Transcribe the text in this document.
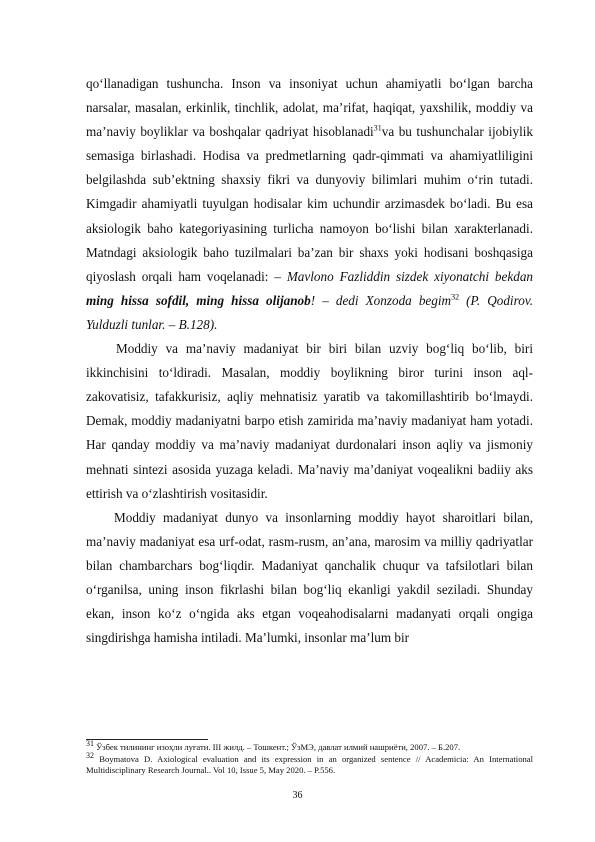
qo‘llanadigan tushuncha. Inson va insoniyat uchun ahamiyatli bo‘lgan barcha narsalar, masalan, erkinlik, tinchlik, adolat, ma’rifat, haqiqat, yaxshilik, moddiy va ma’naviy boyliklar va boshqalar qadriyat hisoblanadi$^{31}$va bu tushunchalar ijobiylik semasiga birlashadi. Hodisa va predmetlarning qadr-qimmati va ahamiyatliligini belgilashda sub’ektning shaxsiy fikri va dunyoviy bilimlari muhim o‘rin tutadi. Kimgadir ahamiyatli tuyulgan hodisalar kim uchundir arzimasdek bo‘ladi. Bu esa aksiologik baho kategoriyasining turlicha namoyon bo‘lishi bilan xarakterlanadi. Matndagi aksiologik baho tuzilmalari ba’zan bir shaxs yoki hodisani boshqasiga qiyoslash orqali ham voqelanadi: – Mavlono Fazliddin sizdek xiyonatchi bekdan ming hissa sofdil, ming hissa olijanob! – dedi Xonzoda begim$^{32}$ (P. Qodirov. Yulduzli tunlar. – B.128).

Moddiy va ma’naviy madaniyat bir biri bilan uzviy bog‘liq bo‘lib, biri ikkinchisini to‘ldiradi. Masalan, moddiy boylikning biror turini inson aql-zakovatisiz, tafakkurisiz, aqliy mehnatisiz yaratib va takomillashtirib bo‘lmaydi. Demak, moddiy madaniyatni barpo etish zamirida ma’naviy madaniyat ham yotadi. Har qanday moddiy va ma’naviy madaniyat durdonalari inson aqliy va jismoniy mehnati sintezi asosida yuzaga keladi. Ma’naviy ma’daniyat voqealikni badiiy aks ettirish va o‘zlashtirish vositasidir.

Moddiy madaniyat dunyo va insonlarning moddiy hayot sharoitlari bilan, ma’naviy madaniyat esa urf-odat, rasm-rusm, an’ana, marosim va milliy qadriyatlar bilan chambarchars bog‘liqdir. Madaniyat qanchalik chuqur va tafsilotlari bilan o‘rganilsa, uning inson fikrlashi bilan bog‘liq ekanligi yakdil seziladi. Shunday ekan, inson ko‘z o‘ngida aks etgan voqeahodisalarni madanyati orqali ongiga singdirishga hamisha intiladi. Ma’lumki, insonlar ma’lum bir

$^{31}$ Ўзбек тилининг изоҳли луғати. III жилд. – Тошкент.; ЎзМЭ, давлат илмий нашриёти, 2007. – Б.207.

$^{32}$ Boymatova D. Axiological evaluation and its expression in an organized sentence // Academicia: An International Multidisciplinary Research Journal.. Vol 10, Issue 5, May 2020. – P.556.

36
